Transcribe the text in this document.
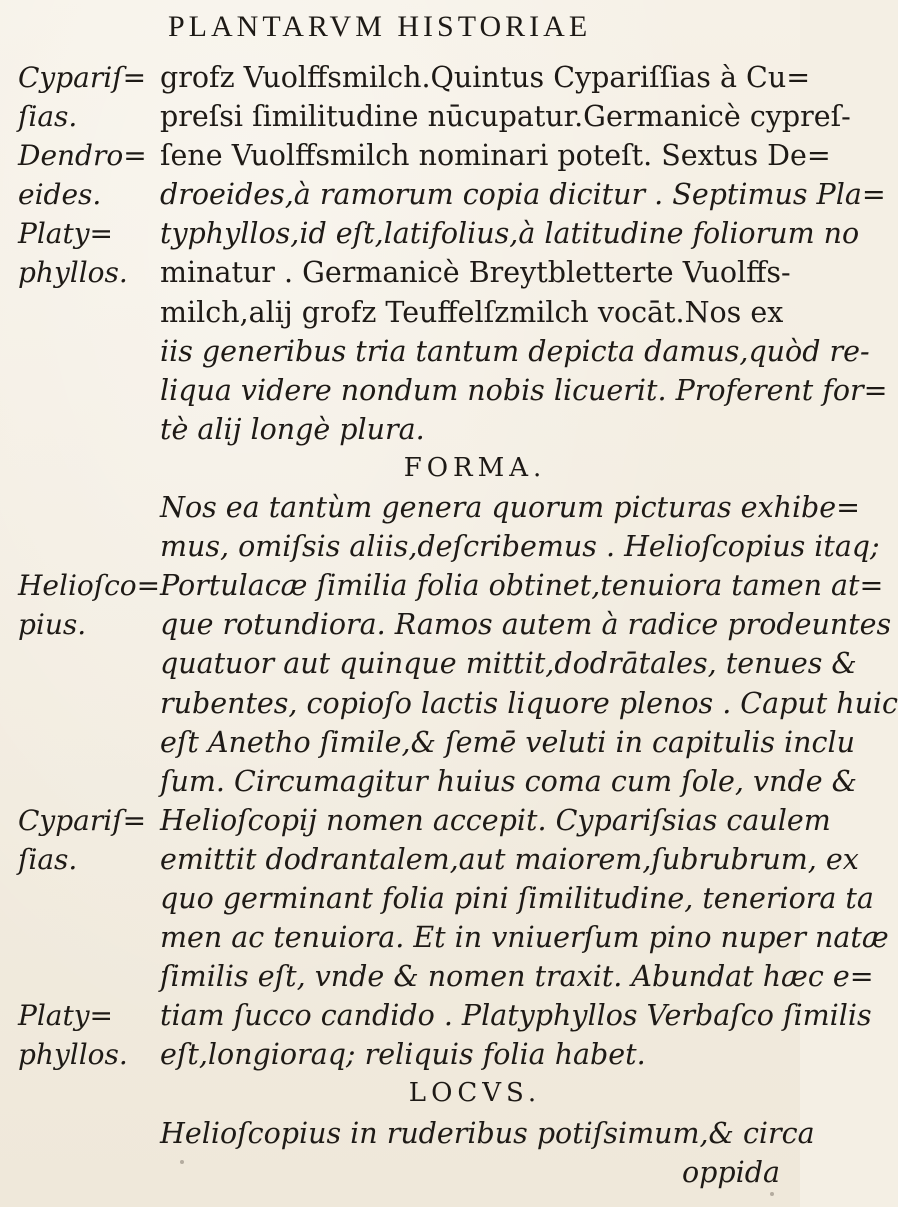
PLANTARVM HISTORIAE
Cypariſ=
ſias.
Dendro=
eides.
Platy=
phyllos.
Helioſco=
pius.
Cypariſ=
ſias.
Platy=
phyllos.
grofz Vuolffsmilch.Quintus Cypariſſias à Cu=
preſsi ſimilitudine nūcupatur.Germanicè cypreſ-
ſene Vuolffsmilch nominari poteſt. Sextus De=
droeides,à ramorum copia dicitur . Septimus Pla=
typhyllos,id eſt,latifolius,à latitudine foliorum no
minatur . Germanicè Breytbletterte Vuolffs-
milch,alij grofz Teuffelſzmilch vocāt.Nos ex
iis generibus tria tantum depicta damus,quòd re-
liqua videre nondum nobis licuerit. Proferent for=
tè alij longè plura.
FORMA.
Nos ea tantùm genera quorum picturas exhibe=
mus, omiſsis aliis,deſcribemus . Helioſcopius itaq;
Portulacæ ſimilia folia obtinet,tenuiora tamen at=
que rotundiora. Ramos autem à radice prodeuntes
quatuor aut quinque mittit,dodrātales, tenues &
rubentes, copioſo lactis liquore plenos . Caput huic
eſt Anetho ſimile,& ſemē veluti in capitulis inclu
ſum. Circumagitur huius coma cum ſole, vnde &
Helioſcopij nomen accepit. Cypariſsias caulem
emittit dodrantalem,aut maiorem,ſubrubrum, ex
quo germinant folia pini ſimilitudine, teneriora ta
men ac tenuiora. Et in vniuerſum pino nuper natæ
ſimilis eſt, vnde & nomen traxit. Abundat hæc e=
tiam ſucco candido . Platyphyllos Verbaſco ſimilis
eſt,longioraq; reliquis folia habet.
LOCVS.
Helioſcopius in ruderibus potiſsimum,& circa
oppida
